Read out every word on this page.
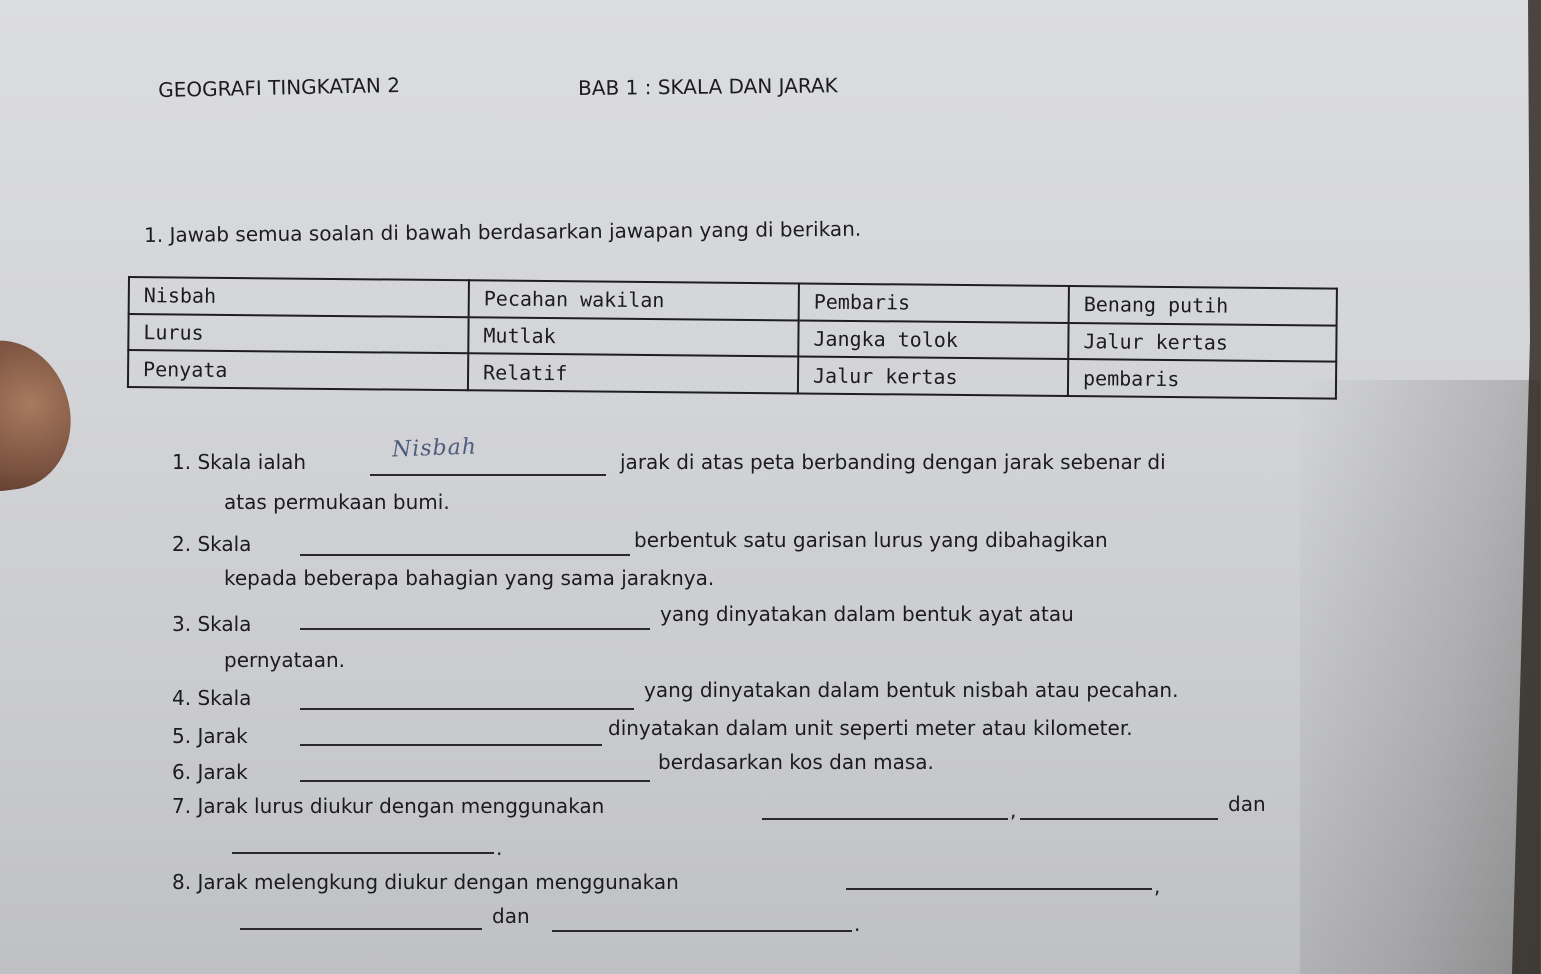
GEOGRAFI TINGKATAN 2	BAB 1 : SKALA DAN JARAK
1. Jawab semua soalan di bawah berdasarkan jawapan yang di berikan.
Nisbah	Pecahan wakilan	Pembaris	Benang putih
Lurus	Mutlak	Jangka tolok	Jalur kertas
Penyata	Relatif	Jalur kertas	pembaris
1. Skala ialah	Nisbah	jarak di atas peta berbanding dengan jarak sebenar di
atas permukaan bumi.
2. Skala	berbentuk satu garisan lurus yang dibahagikan
kepada beberapa bahagian yang sama jaraknya.
3. Skala	yang dinyatakan dalam bentuk ayat atau
pernyataan.
4. Skala	yang dinyatakan dalam bentuk nisbah atau pecahan.
5. Jarak	dinyatakan dalam unit seperti meter atau kilometer.
6. Jarak	berdasarkan kos dan masa.
7. Jarak lurus diukur dengan menggunakan	,	dan
.
8. Jarak melengkung diukur dengan menggunakan	,
dan	.
